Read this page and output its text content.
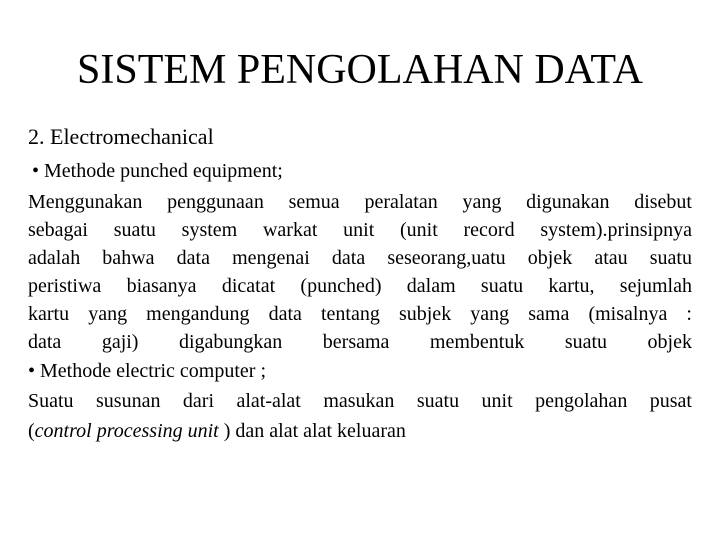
SISTEM PENGOLAHAN DATA
2. Electromechanical
• Methode punched equipment;
Menggunakan penggunaan semua peralatan yang digunakan disebut
sebagai suatu system warkat unit (unit record system).prinsipnya
adalah bahwa data mengenai data seseorang,uatu objek atau suatu
peristiwa biasanya dicatat (punched) dalam suatu kartu, sejumlah
kartu yang mengandung data tentang subjek yang sama (misalnya :
data gaji) digabungkan bersama membentuk suatu objek
• Methode electric computer ;
Suatu susunan dari alat-alat masukan suatu unit pengolahan pusat
(control processing unit ) dan alat alat keluaran
